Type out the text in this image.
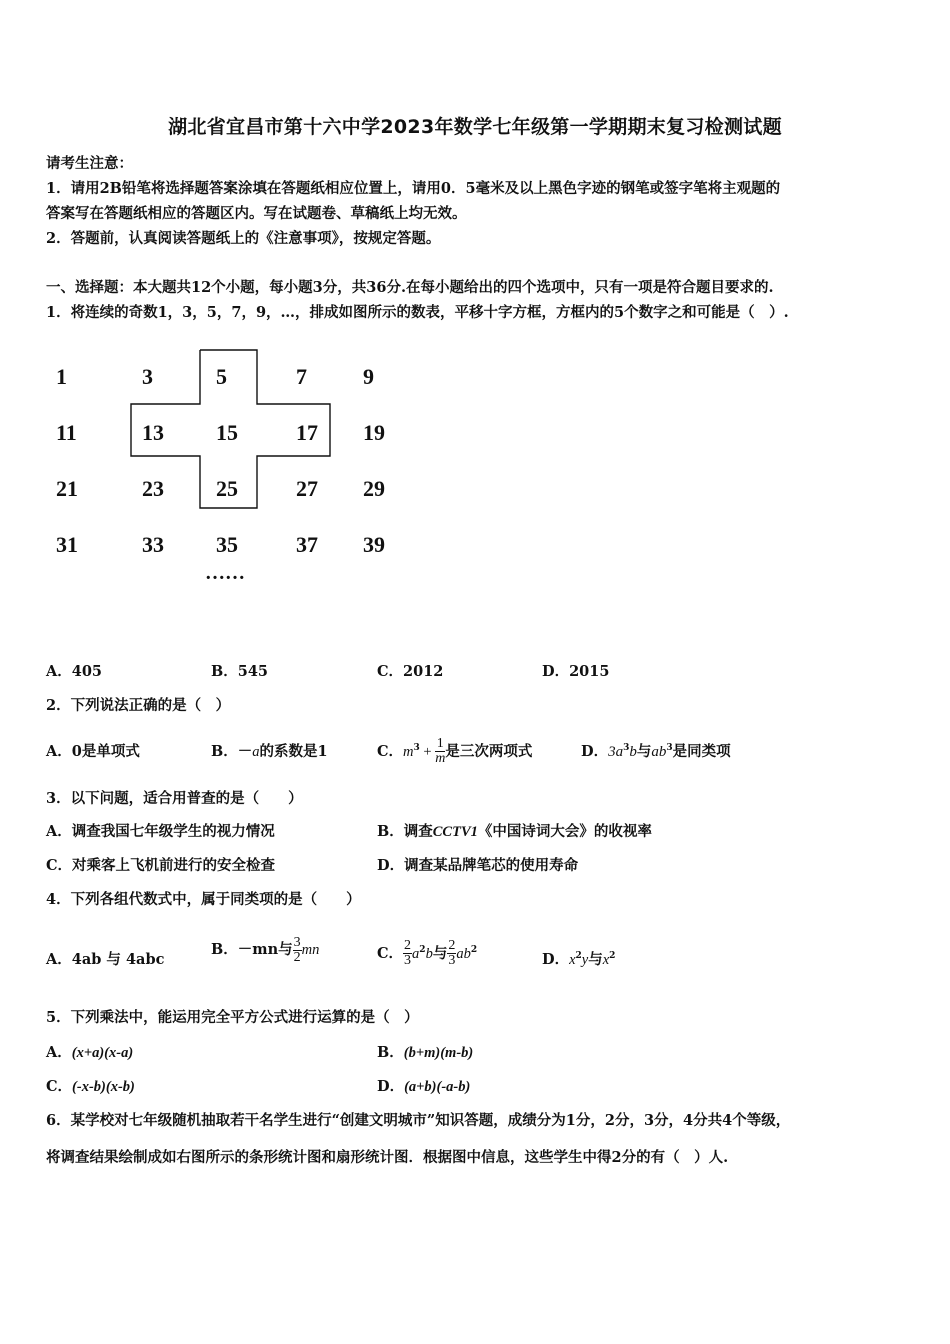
湖北省宜昌市第十六中学2023年数学七年级第一学期期末复习检测试题
请考生注意：
1．请用2B铅笔将选择题答案涂填在答题纸相应位置上，请用0．5毫米及以上黑色字迹的钢笔或签字笔将主观题的
答案写在答题纸相应的答题区内。写在试题卷、草稿纸上均无效。
2．答题前，认真阅读答题纸上的《注意事项》，按规定答题。
一、选择题：本大题共12个小题，每小题3分，共36分.在每小题给出的四个选项中，只有一项是符合题目要求的.
1．将连续的奇数1，3，5，7，9，…，排成如图所示的数表，平移十字方框，方框内的5个数字之和可能是（　）.
1	3	5	7	9
11	13 15	17 19
21	23 25	27 29
31	33 35	37 39
……
A．405	B．545	C．2012	D．2015
2．下列说法正确的是（　）
A．0是单项式	B．－a的系数是1	C．$m^3 + \frac{1}{m}$ 是三次两项式	D．$3a^3b$与$ab^3$是同类项
3．以下问题，适合用普查的是（　　）
A．调查我国七年级学生的视力情况	B．调查CCTV1《中国诗词大会》的收视率
C．对乘客上飞机前进行的安全检查	D．调查某品牌笔芯的使用寿命
4．下列各组代数式中，属于同类项的是（　　）
A．4ab 与 4abc
B．－mn与 $\frac{3}{2}$ mn	C． $\frac{2}{3} a^2b$与 $\frac{2}{3} ab^2$
D．$x^2y$与$x^2$
5．下列乘法中，能运用完全平方公式进行运算的是（　）
A．(x+a)(x-a)	B．(b+m)(m-b)
C．(-x-b)(x-b)	D．(a+b)(-a-b)
6．某学校对七年级随机抽取若干名学生进行“创建文明城市”知识答题，成绩分为1分，2分，3分，4分共4个等级，
将调查结果绘制成如右图所示的条形统计图和扇形统计图．根据图中信息，这些学生中得2分的有（　）人.
